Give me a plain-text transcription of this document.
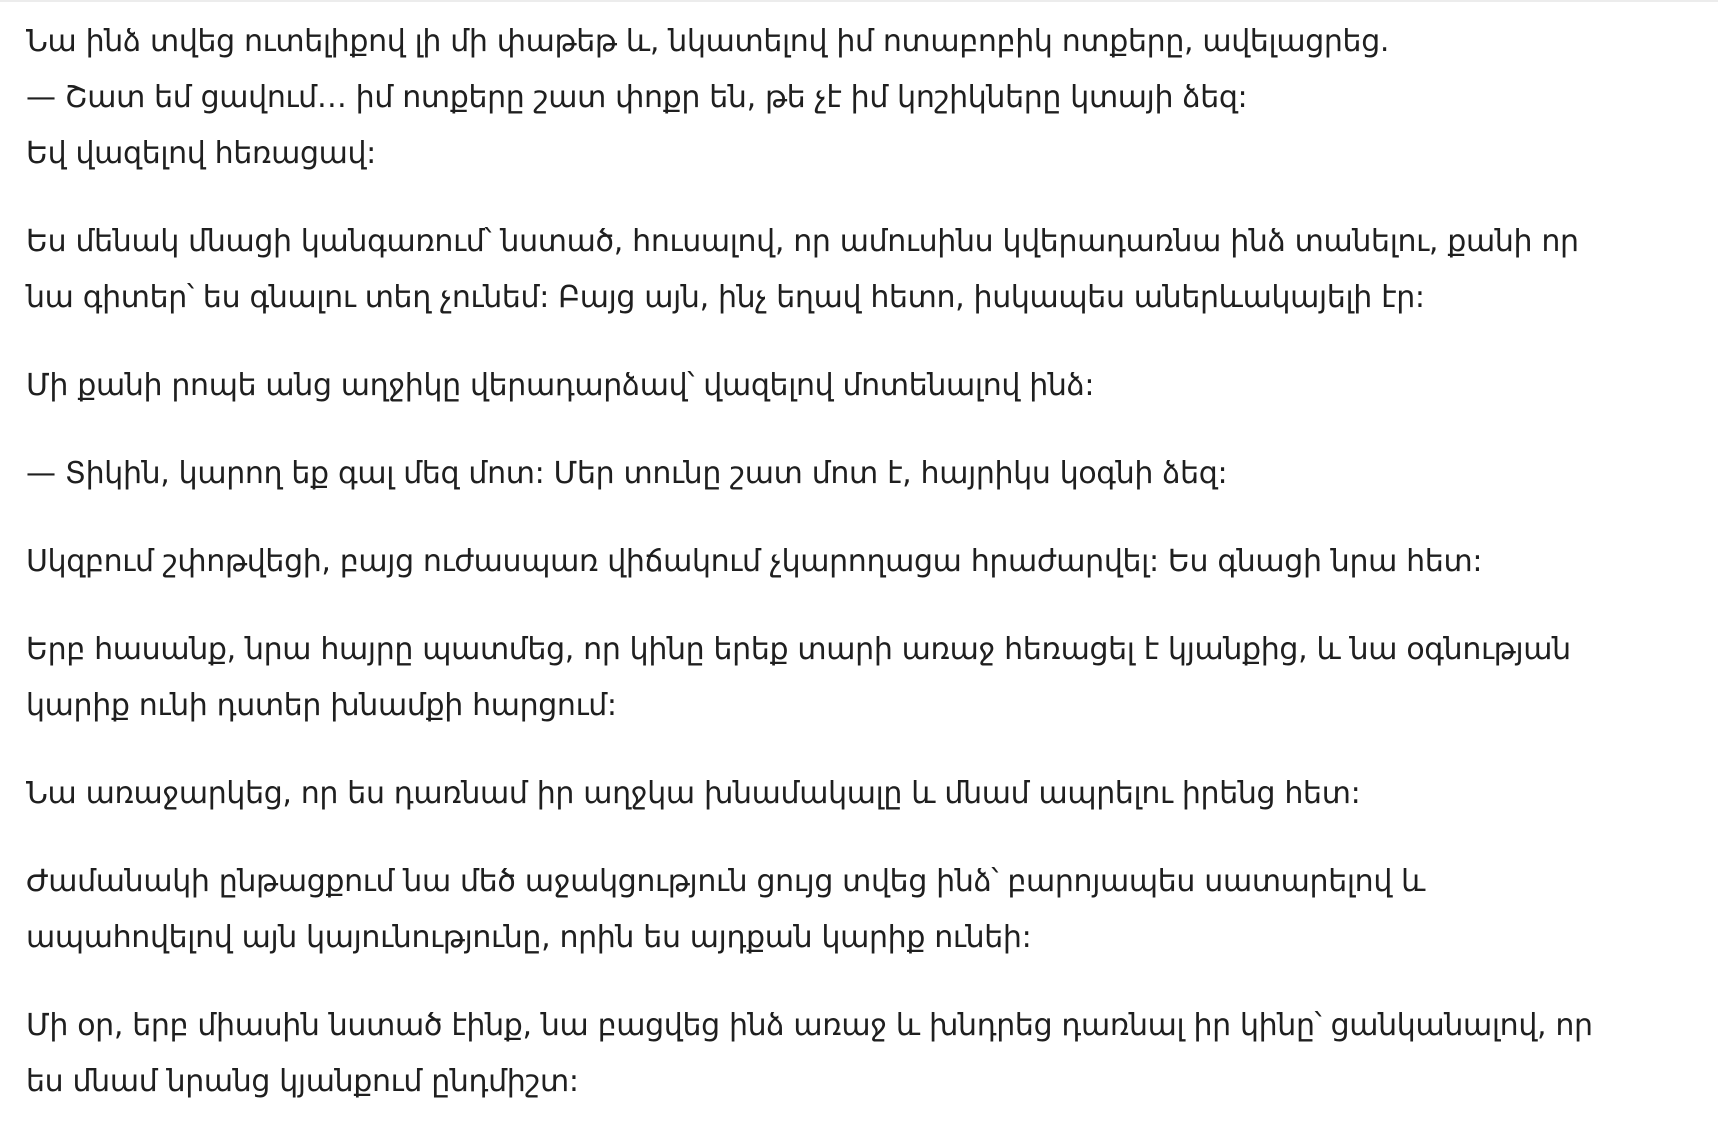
Նա ինձ տվեց ուտելիքով լի մի փաթեթ և, նկատելով իմ ոտաբոբիկ ոտքերը, ավելացրեց.
— Շատ եմ ցավում… իմ ոտքերը շատ փոքր են, թե չէ իմ կոշիկները կտայի ձեզ:
Եվ վազելով հեռացավ:

Ես մենակ մնացի կանգառում՝ նստած, հուսալով, որ ամուսինս կվերադառնա ինձ տանելու, քանի որ
նա գիտեր՝ ես գնալու տեղ չունեմ: Բայց այն, ինչ եղավ հետո, իսկապես աներևակայելի էր:

Մի քանի րոպե անց աղջիկը վերադարձավ՝ վազելով մոտենալով ինձ:

— Տիկին, կարող եք գալ մեզ մոտ: Մեր տունը շատ մոտ է, հայրիկս կօգնի ձեզ:

Սկզբում շփոթվեցի, բայց ուժասպառ վիճակում չկարողացա հրաժարվել: Ես գնացի նրա հետ:

Երբ հասանք, նրա հայրը պատմեց, որ կինը երեք տարի առաջ հեռացել է կյանքից, և նա օգնության
կարիք ունի դստեր խնամքի հարցում:

Նա առաջարկեց, որ ես դառնամ իր աղջկա խնամակալը և մնամ ապրելու իրենց հետ:

Ժամանակի ընթացքում նա մեծ աջակցություն ցույց տվեց ինձ՝ բարոյապես սատարելով և
ապահովելով այն կայունությունը, որին ես այդքան կարիք ունեի:

Մի օր, երբ միասին նստած էինք, նա բացվեց ինձ առաջ և խնդրեց դառնալ իր կինը՝ ցանկանալով, որ
ես մնամ նրանց կյանքում ընդմիշտ:
